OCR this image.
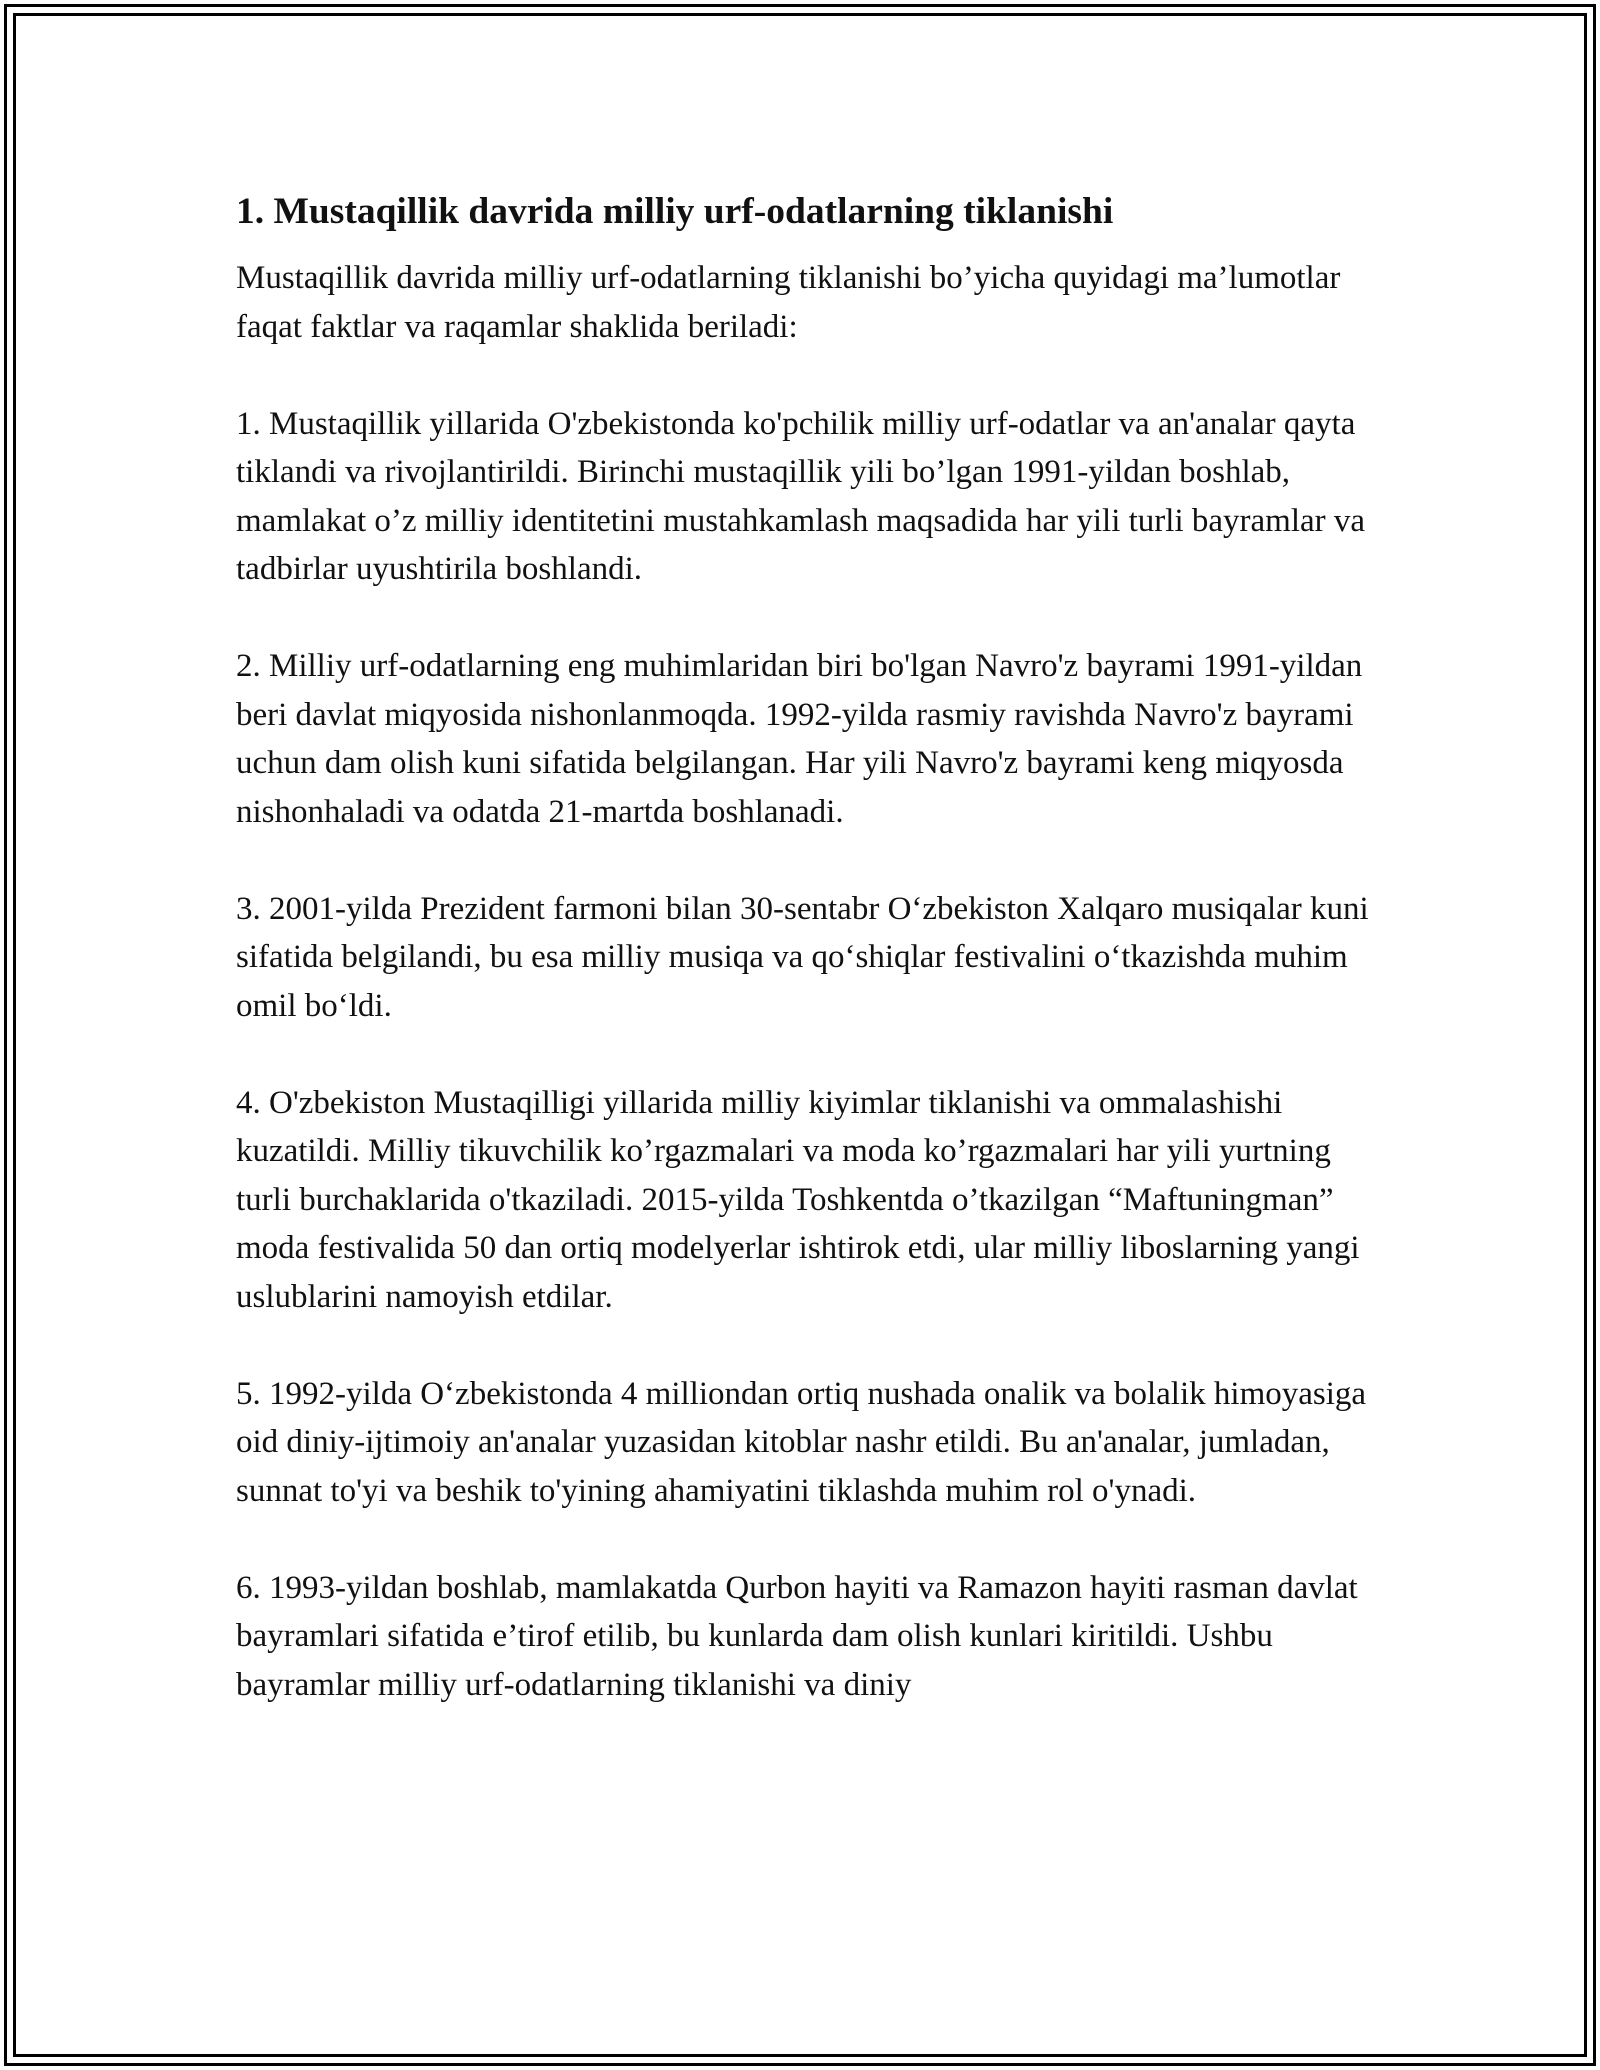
1. Mustaqillik davrida milliy urf-odatlarning tiklanishi

Mustaqillik davrida milliy urf-odatlarning tiklanishi bo’yicha quyidagi ma’lumotlar faqat faktlar va raqamlar shaklida beriladi:

1. Mustaqillik yillarida O'zbekistonda ko'pchilik milliy urf-odatlar va an'analar qayta tiklandi va rivojlantirildi. Birinchi mustaqillik yili bo’lgan 1991-yildan boshlab, mamlakat o’z milliy identitetini mustahkamlash maqsadida har yili turli bayramlar va tadbirlar uyushtirila boshlandi.

2. Milliy urf-odatlarning eng muhimlaridan biri bo'lgan Navro'z bayrami 1991-yildan beri davlat miqyosida nishonlanmoqda. 1992-yilda rasmiy ravishda Navro'z bayrami uchun dam olish kuni sifatida belgilangan. Har yili Navro'z bayrami keng miqyosda nishonhaladi va odatda 21-martda boshlanadi.

3. 2001-yilda Prezident farmoni bilan 30-sentabr O‘zbekiston Xalqaro musiqalar kuni sifatida belgilandi, bu esa milliy musiqa va qo‘shiqlar festivalini o‘tkazishda muhim omil bo‘ldi.

4. O'zbekiston Mustaqilligi yillarida milliy kiyimlar tiklanishi va ommalashishi kuzatildi. Milliy tikuvchilik ko’rgazmalari va moda ko’rgazmalari har yili yurtning turli burchaklarida o'tkaziladi. 2015-yilda Toshkentda o’tkazilgan “Maftuningman” moda festivalida 50 dan ortiq modelyerlar ishtirok etdi, ular milliy liboslarning yangi uslublarini namoyish etdilar.

5. 1992-yilda O‘zbekistonda 4 milliondan ortiq nushada onalik va bolalik himoyasiga oid diniy-ijtimoiy an'analar yuzasidan kitoblar nashr etildi. Bu an'analar, jumladan, sunnat to'yi va beshik to'yining ahamiyatini tiklashda muhim rol o'ynadi.

6. 1993-yildan boshlab, mamlakatda Qurbon hayiti va Ramazon hayiti rasman davlat bayramlari sifatida e’tirof etilib, bu kunlarda dam olish kunlari kiritildi. Ushbu bayramlar milliy urf-odatlarning tiklanishi va diniy
